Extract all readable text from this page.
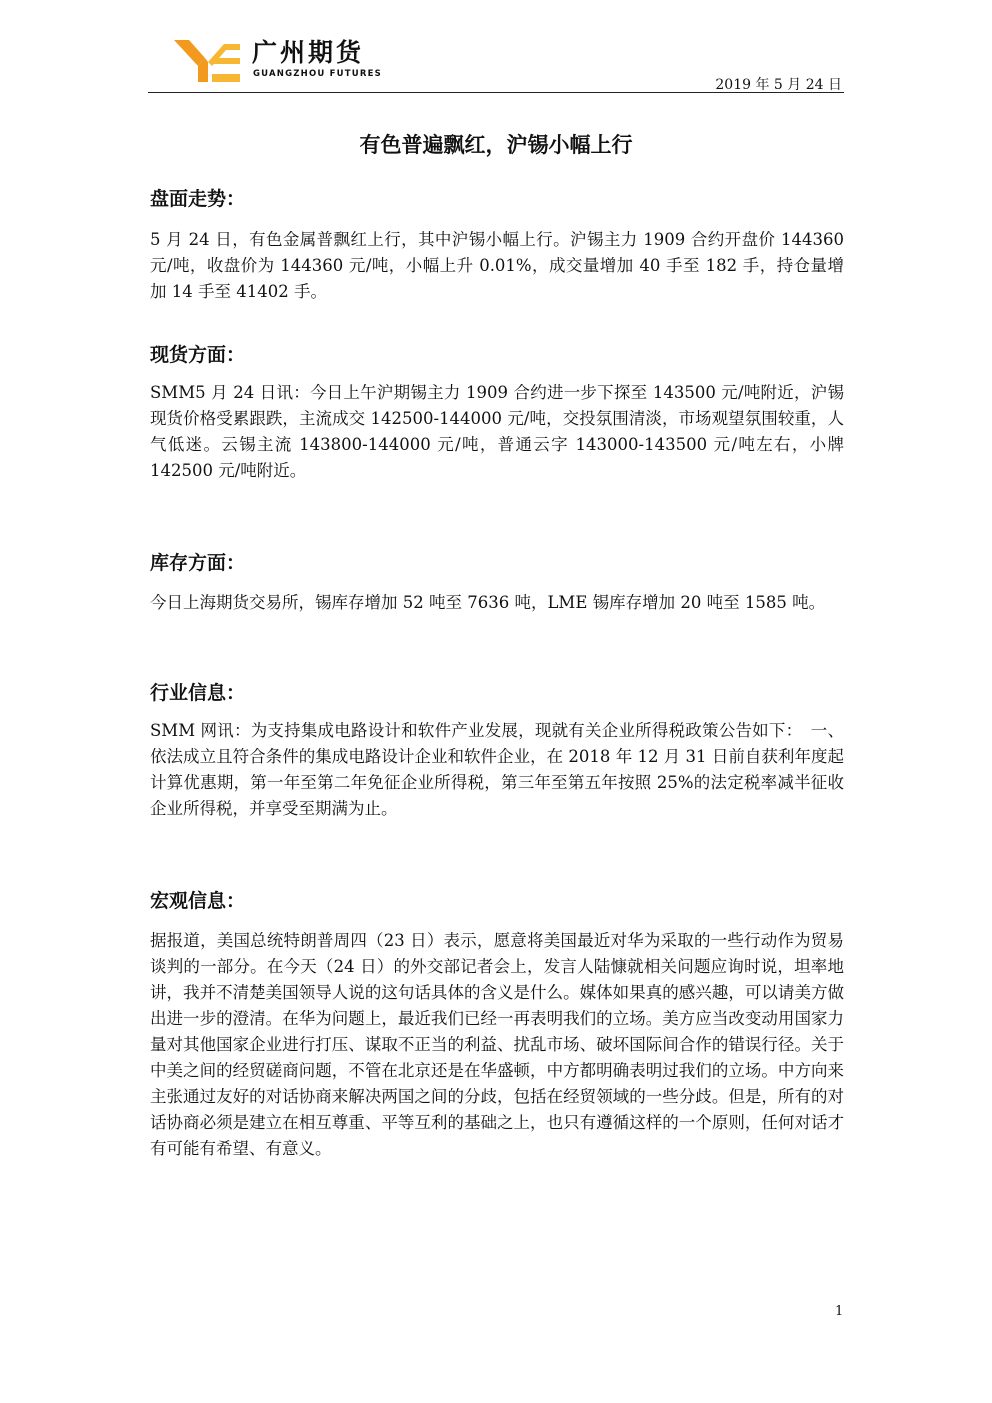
广州期货
GUANGZHOU FUTURES
2019 年 5 月 24 日
有色普遍飘红，沪锡小幅上行
盘面走势：

5 月 24 日，有色金属普飘红上行，其中沪锡小幅上行。沪锡主力 1909 合约开盘价 144360 元/吨，收盘价为 144360 元/吨，小幅上升 0.01%，成交量增加 40 手至 182 手，持仓量增加 14 手至 41402 手。

现货方面：

SMM5 月 24 日讯：今日上午沪期锡主力 1909 合约进一步下探至 143500 元/吨附近，沪锡现货价格受累跟跌，主流成交 142500-144000 元/吨，交投氛围清淡，市场观望氛围较重，人气低迷。云锡主流 143800-144000 元/吨，普通云字 143000-143500 元/吨左右，小牌 142500 元/吨附近。

库存方面：

今日上海期货交易所，锡库存增加 52 吨至 7636 吨，LME 锡库存增加 20 吨至 1585 吨。

行业信息：

SMM 网讯：为支持集成电路设计和软件产业发展，现就有关企业所得税政策公告如下：　一、依法成立且符合条件的集成电路设计企业和软件企业，在 2018 年 12 月 31 日前自获利年度起计算优惠期，第一年至第二年免征企业所得税，第三年至第五年按照 25%的法定税率减半征收企业所得税，并享受至期满为止。

宏观信息：

据报道，美国总统特朗普周四（23 日）表示，愿意将美国最近对华为采取的一些行动作为贸易谈判的一部分。在今天（24 日）的外交部记者会上，发言人陆慷就相关问题应询时说，坦率地讲，我并不清楚美国领导人说的这句话具体的含义是什么。媒体如果真的感兴趣，可以请美方做出进一步的澄清。在华为问题上，最近我们已经一再表明我们的立场。美方应当改变动用国家力量对其他国家企业进行打压、谋取不正当的利益、扰乱市场、破坏国际间合作的错误行径。关于中美之间的经贸磋商问题，不管在北京还是在华盛顿，中方都明确表明过我们的立场。中方向来主张通过友好的对话协商来解决两国之间的分歧，包括在经贸领域的一些分歧。但是，所有的对话协商必须是建立在相互尊重、平等互利的基础之上，也只有遵循这样的一个原则，任何对话才有可能有希望、有意义。

1
